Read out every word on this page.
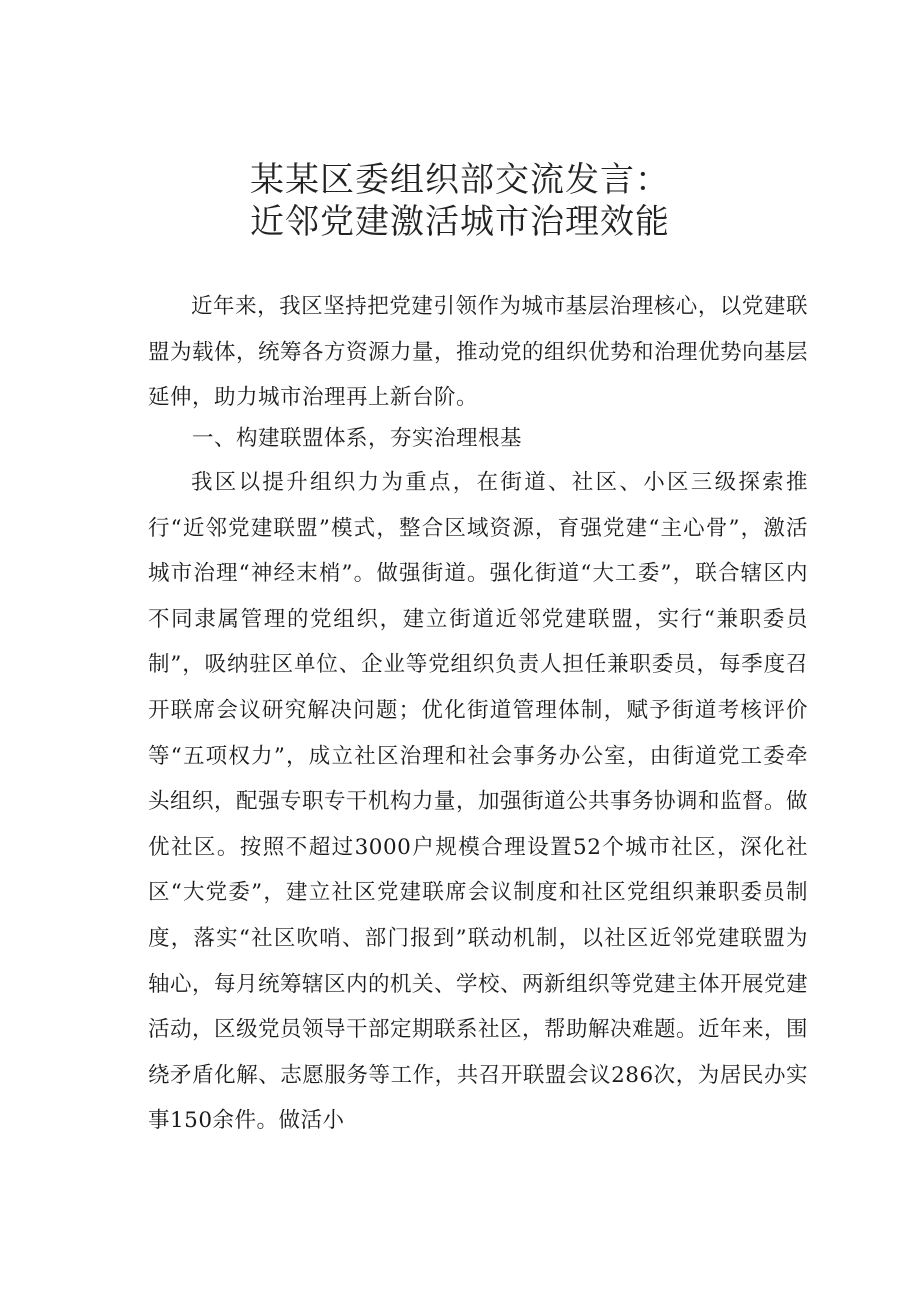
某某区委组织部交流发言：
近邻党建激活城市治理效能

近年来，我区坚持把党建引领作为城市基层治理核心，以党建联盟为载体，统筹各方资源力量，推动党的组织优势和治理优势向基层延伸，助力城市治理再上新台阶。

一、构建联盟体系，夯实治理根基

我区以提升组织力为重点，在街道、社区、小区三级探索推行“近邻党建联盟”模式，整合区域资源，育强党建“主心骨”，激活城市治理“神经末梢”。做强街道。强化街道“大工委”，联合辖区内不同隶属管理的党组织，建立街道近邻党建联盟，实行“兼职委员制”，吸纳驻区单位、企业等党组织负责人担任兼职委员，每季度召开联席会议研究解决问题；优化街道管理体制，赋予街道考核评价等“五项权力”，成立社区治理和社会事务办公室，由街道党工委牵头组织，配强专职专干机构力量，加强街道公共事务协调和监督。做优社区。按照不超过3000户规模合理设置52个城市社区，深化社区“大党委”，建立社区党建联席会议制度和社区党组织兼职委员制度，落实“社区吹哨、部门报到”联动机制，以社区近邻党建联盟为轴心，每月统筹辖区内的机关、学校、两新组织等党建主体开展党建活动，区级党员领导干部定期联系社区，帮助解决难题。近年来，围绕矛盾化解、志愿服务等工作，共召开联盟会议286次，为居民办实事150余件。做活小
